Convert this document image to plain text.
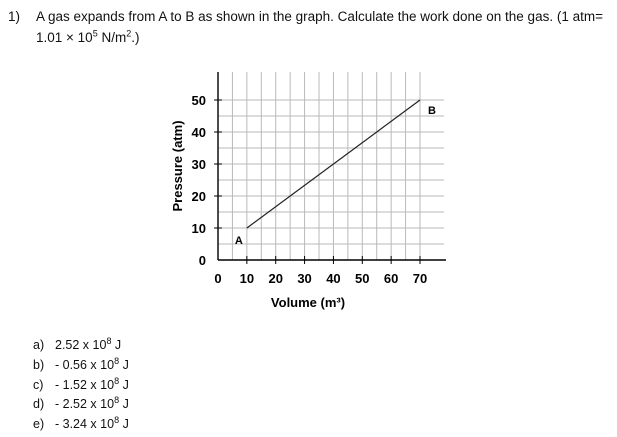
1) A gas expands from A to B as shown in the graph. Calculate the work done on the gas. (1 atm=
$1.01 \times 10^5$ $N/m^2$.)
0
10
20
30
40
50
0 10 20 30 40 50 60 70
A
B
Volume (m³)
Pressure (atm)
a) 2.52 x $10^8$ J
b) - 0.56 x $10^8$ J
c) - 1.52 x $10^8$ J
d) - 2.52 x $10^8$ J
e) - 3.24 x $10^8$ J
